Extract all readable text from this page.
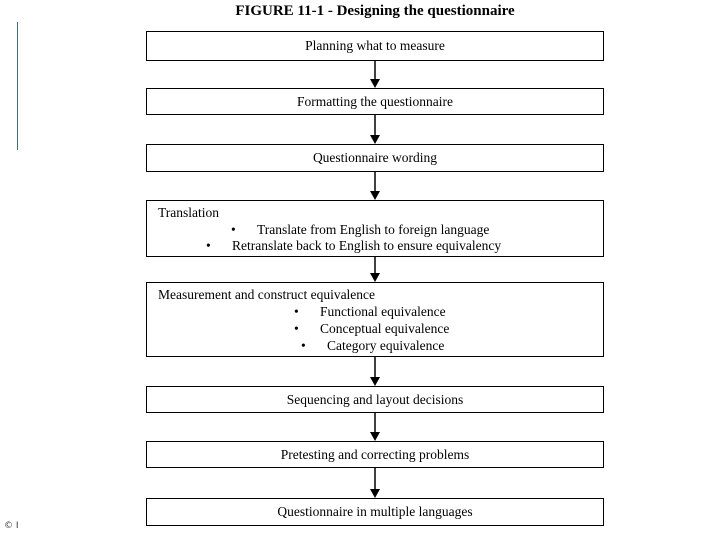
FIGURE 11-1 - Designing the questionnaire
Planning what to measure
Formatting the questionnaire
Questionnaire wording
Translation
• Translate from English to foreign language
• Retranslate back to English to ensure equivalency
Measurement and construct equivalence
• Functional equivalence
• Conceptual equivalence
• Category equivalence
Sequencing and layout decisions
Pretesting and correcting problems
Questionnaire in multiple languages
© I
